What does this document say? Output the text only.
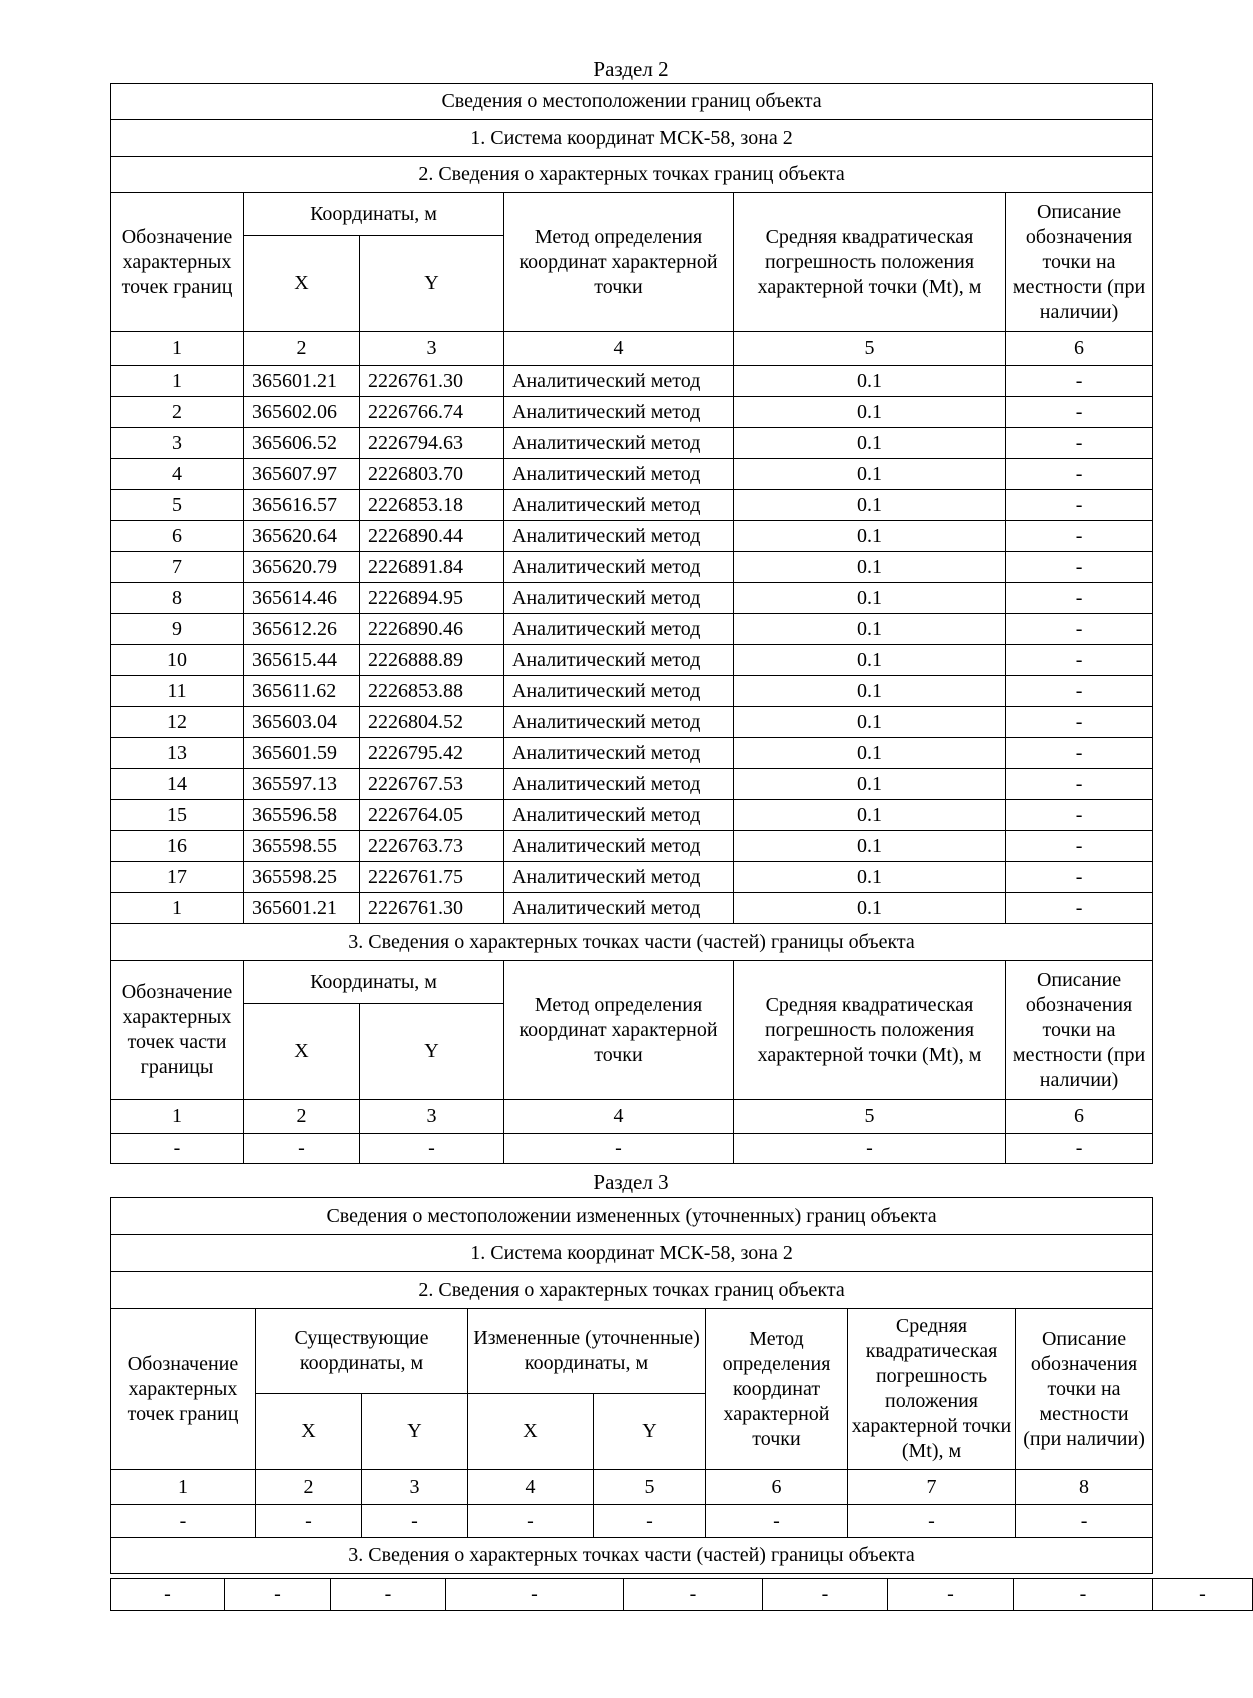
Раздел 2
Сведения о местоположении границ объекта					
1. Система координат МСК-58, зона 2					
2. Сведения о характерных точках границ объекта					
Обозначение характерных точек границ	Координаты, м		Метод определения координат характерной точки	Средняя квадратическая погрешность положения характерной точки (Mt), м	Описание обозначения точки на местности (при наличии)
	X	Y			
1	2	3	4	5	6
1	365601.21	2226761.30	Аналитический метод	0.1	-
2	365602.06	2226766.74	Аналитический метод	0.1	-
3	365606.52	2226794.63	Аналитический метод	0.1	-
4	365607.97	2226803.70	Аналитический метод	0.1	-
5	365616.57	2226853.18	Аналитический метод	0.1	-
6	365620.64	2226890.44	Аналитический метод	0.1	-
7	365620.79	2226891.84	Аналитический метод	0.1	-
8	365614.46	2226894.95	Аналитический метод	0.1	-
9	365612.26	2226890.46	Аналитический метод	0.1	-
10	365615.44	2226888.89	Аналитический метод	0.1	-
11	365611.62	2226853.88	Аналитический метод	0.1	-
12	365603.04	2226804.52	Аналитический метод	0.1	-
13	365601.59	2226795.42	Аналитический метод	0.1	-
14	365597.13	2226767.53	Аналитический метод	0.1	-
15	365596.58	2226764.05	Аналитический метод	0.1	-
16	365598.55	2226763.73	Аналитический метод	0.1	-
17	365598.25	2226761.75	Аналитический метод	0.1	-
1	365601.21	2226761.30	Аналитический метод	0.1	-
3. Сведения о характерных точках части (частей) границы объекта					
Обозначение характерных точек части границы	Координаты, м		Метод определения координат характерной точки	Средняя квадратическая погрешность положения характерной точки (Mt), м	Описание обозначения точки на местности (при наличии)
	X	Y			
1	2	3	4	5	6
-	-	-	-	-	-
Раздел 3
Сведения о местоположении измененных (уточненных) границ объекта							
1. Система координат МСК-58, зона 2							
2. Сведения о характерных точках границ объекта							
Обозначение характерных точек границ	Существующие координаты, м		Измененные (уточненные) координаты, м		Метод определения координат характерной точки	Средняя квадратическая погрешность положения характерной точки (Mt), м	Описание обозначения точки на местности (при наличии)
	X	Y	X	Y			
1	2	3	4	5	6	7	8
-	-	-	-	-	-	-	-
3. Сведения о характерных точках части (частей) границы объекта							
-	-	-	-	-	-	-	-	-
